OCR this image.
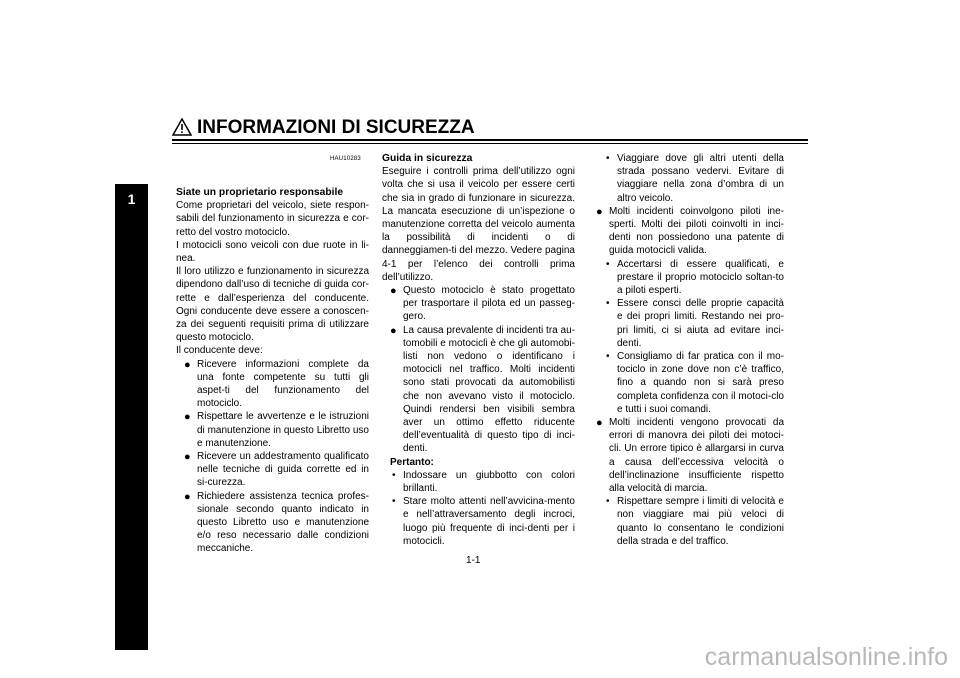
INFORMAZIONI DI SICUREZZA
1
HAU10283
Siate un proprietario responsabile

Come proprietari del veicolo, siete respon-sabili del funzionamento in sicurezza e cor-retto del vostro motociclo.

I motocicli sono veicoli con due ruote in li-nea.

Il loro utilizzo e funzionamento in sicurezza dipendono dall’uso di tecniche di guida cor-rette e dall’esperienza del conducente. Ogni conducente deve essere a conoscen-za dei seguenti requisiti prima di utilizzare questo motociclo.

Il conducente deve:

● Ricevere informazioni complete da una fonte competente su tutti gli aspet-ti del funzionamento del motociclo.
● Rispettare le avvertenze e le istruzioni di manutenzione in questo Libretto uso e manutenzione.
● Ricevere un addestramento qualificato nelle tecniche di guida corrette ed in si-curezza.
● Richiedere assistenza tecnica profes-sionale secondo quanto indicato in questo Libretto uso e manutenzione e/o reso necessario dalle condizioni meccaniche.
Guida in sicurezza

Eseguire i controlli prima dell’utilizzo ogni volta che si usa il veicolo per essere certi che sia in grado di funzionare in sicurezza. La mancata esecuzione di un’ispezione o manutenzione corretta del veicolo aumenta la possibilità di incidenti o di danneggiamen-ti del mezzo. Vedere pagina 4-1 per l’elenco dei controlli prima dell’utilizzo.

● Questo motociclo è stato progettato per trasportare il pilota ed un passeg-gero.
● La causa prevalente di incidenti tra au-tomobili e motocicli è che gli automobi-listi non vedono o identificano i motocicli nel traffico. Molti incidenti sono stati provocati da automobilisti che non avevano visto il motociclo. Quindi rendersi ben visibili sembra aver un ottimo effetto riducente dell’eventualità di questo tipo di inci-denti.
Pertanto:
• Indossare un giubbotto con colori brillanti.
• Stare molto attenti nell’avvicina-mento e nell’attraversamento degli incroci, luogo più frequente di inci-denti per i motocicli.
• Viaggiare dove gli altri utenti della strada possano vedervi. Evitare di viaggiare nella zona d’ombra di un altro veicolo.
● Molti incidenti coinvolgono piloti ine-sperti. Molti dei piloti coinvolti in inci-denti non possiedono una patente di guida motocicli valida.
• Accertarsi di essere qualificati, e prestare il proprio motociclo soltan-to a piloti esperti.
• Essere consci delle proprie capacità e dei propri limiti. Restando nei pro-pri limiti, ci si aiuta ad evitare inci-denti.
• Consigliamo di far pratica con il mo-tociclo in zone dove non c’è traffico, fino a quando non si sarà preso completa confidenza con il motoci-clo e tutti i suoi comandi.
● Molti incidenti vengono provocati da errori di manovra dei piloti dei motoci-cli. Un errore tipico è allargarsi in curva a causa dell’eccessiva velocità o dell’inclinazione insufficiente rispetto alla velocità di marcia.
• Rispettare sempre i limiti di velocità e non viaggiare mai più veloci di quanto lo consentano le condizioni della strada e del traffico.
1-1
carmanualsonline.info
